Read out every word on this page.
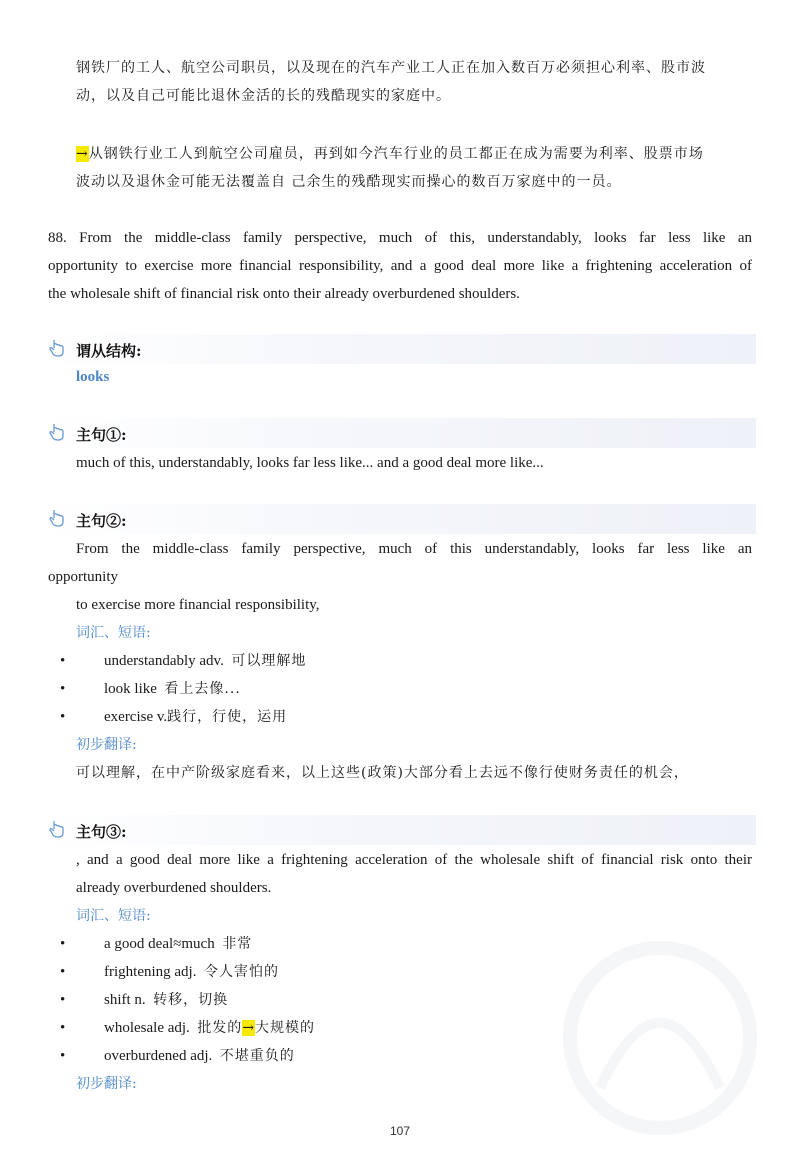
钢铁厂的工人、航空公司职员，以及现在的汽车产业工人正在加入数百万必须担心利率、股市波
动，以及自己可能比退休金活的长的残酷现实的家庭中。
→从钢铁行业工人到航空公司雇员，再到如今汽车行业的员工都正在成为需要为利率、股票市场
波动以及退休金可能无法覆盖自 己余生的残酷现实而操心的数百万家庭中的一员。
88. From the middle-class family perspective, much of this, understandably, looks far less like an
opportunity to exercise more financial responsibility, and a good deal more like a frightening acceleration of
the wholesale shift of financial risk onto their already overburdened shoulders.
谓从结构:
looks
主句①:
much of this, understandably, looks far less like... and a good deal more like...
主句②:
From the middle-class family perspective, much of this understandably, looks far less like an
opportunity
to exercise more financial responsibility,
词汇、短语:
understandably adv. 可以理解地
look like 看上去像...
exercise v.践行，行使，运用
初步翻译:
可以理解，在中产阶级家庭看来，以上这些(政策)大部分看上去远不像行使财务责任的机会，
主句③:
, and a good deal more like a frightening acceleration of the wholesale shift of financial risk onto their
already overburdened shoulders.
词汇、短语:
a good deal≈much 非常
frightening adj. 令人害怕的
shift n. 转移，切换
wholesale adj. 批发的→大规模的
overburdened adj. 不堪重负的
初步翻译:
107
